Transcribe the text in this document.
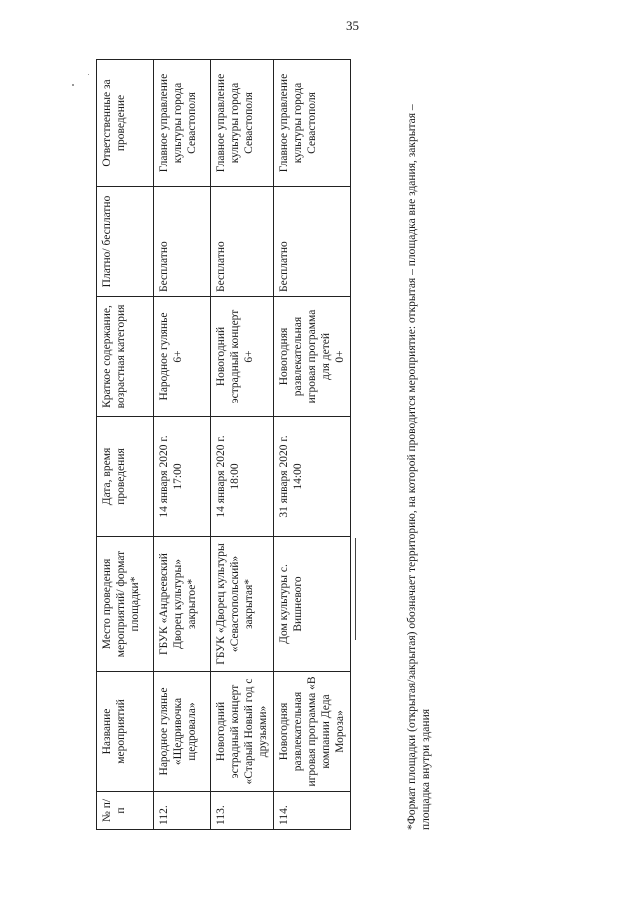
35
№ п/п	Название мероприятий	Место проведения мероприятий/ формат площадки*	Дата, время проведения	Краткое содержание, возрастная категория	Платно/ бесплатно	Ответственные за проведение
112.	Народное гулянье «Щедривочка щедровала»	ГБУК «Андреевский Дворец культуры» закрытое*	14 января 2020 г. 17:00	Народное гулянье 6+	Бесплатно	Главное управление культуры города Севастополя
113.	Новогодний эстрадный концерт «Старый Новый год с друзьями»	ГБУК «Дворец культуры «Севастопольский» закрытая*	14 января 2020 г. 18:00	Новогодний эстрадный концерт 6+	Бесплатно	Главное управление культуры города Севастополя
114.	Новогодняя развлекательная игровая программа «В компании Деда Мороза»	Дом культуры с. Вишневого	31 января 2020 г. 14:00	Новогодняя развлекательная игровая программа для детей 0+	Бесплатно	Главное управление культуры города Севастополя	*Формат площадки (открытая/закрытая) обозначает территорию, на которой проводится мероприятие: открытая – площадка вне здания, закрытая – площадка внутри здания
